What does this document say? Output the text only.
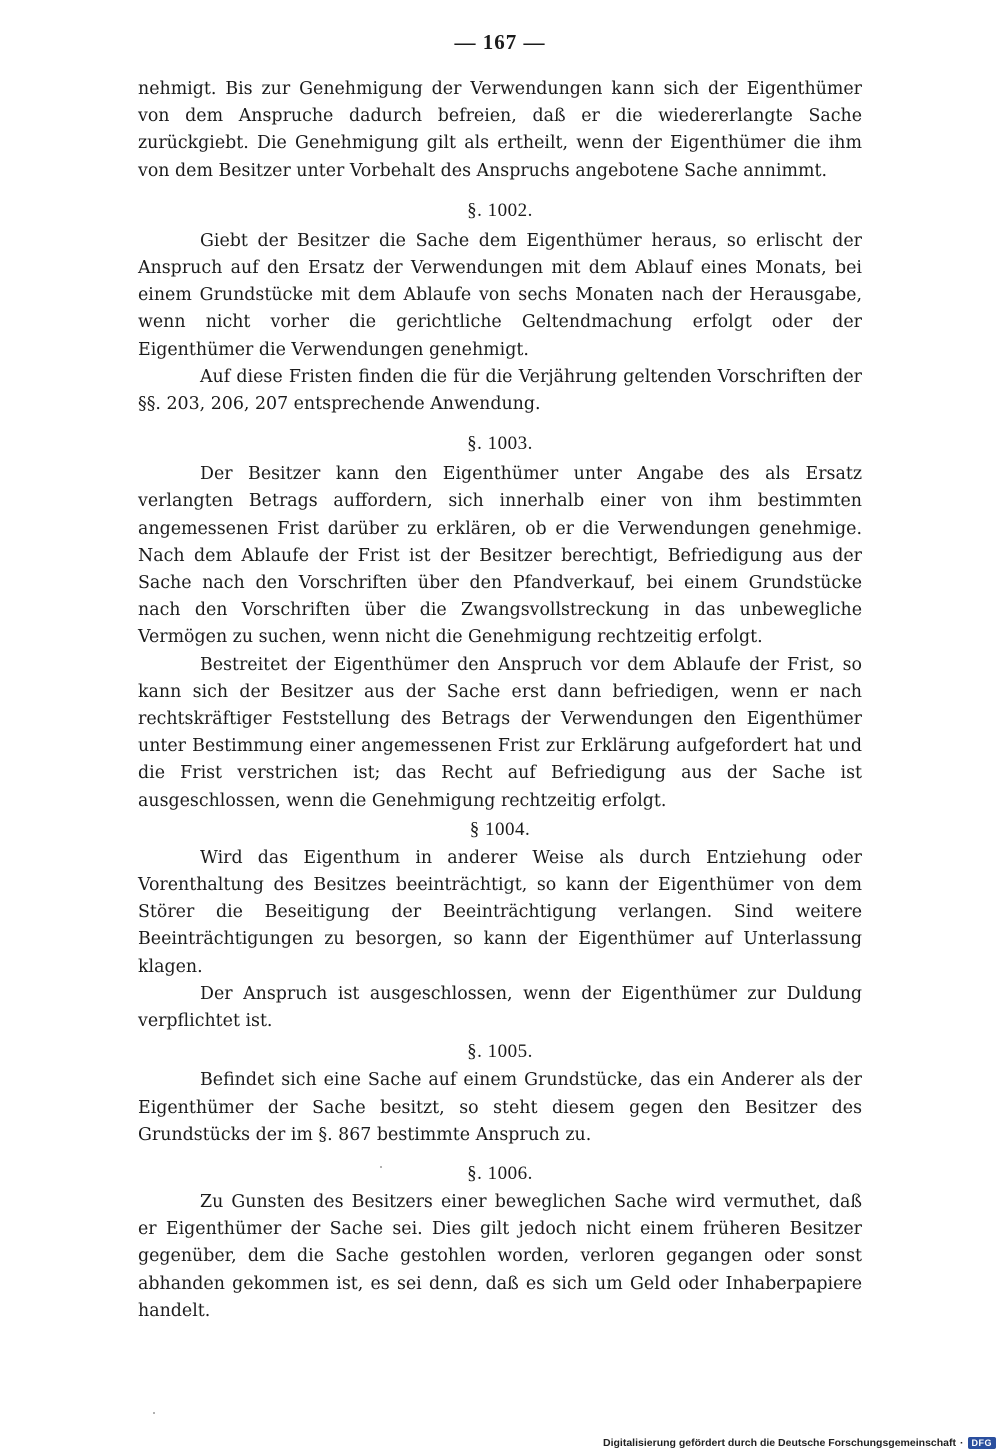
— 167 —

nehmigt. Bis zur Genehmigung der Verwendungen kann sich der Eigenthümer von dem Anspruche dadurch befreien, daß er die wiedererlangte Sache zurückgiebt. Die Genehmigung gilt als ertheilt, wenn der Eigenthümer die ihm von dem Besitzer unter Vorbehalt des Anspruchs angebotene Sache annimmt.

§. 1002.

Giebt der Besitzer die Sache dem Eigenthümer heraus, so erlischt der Anspruch auf den Ersatz der Verwendungen mit dem Ablauf eines Monats, bei einem Grundstücke mit dem Ablaufe von sechs Monaten nach der Herausgabe, wenn nicht vorher die gerichtliche Geltendmachung erfolgt oder der Eigenthümer die Verwendungen genehmigt.

Auf diese Fristen finden die für die Verjährung geltenden Vorschriften der §§. 203, 206, 207 entsprechende Anwendung.

§. 1003.

Der Besitzer kann den Eigenthümer unter Angabe des als Ersatz verlangten Betrags auffordern, sich innerhalb einer von ihm bestimmten angemessenen Frist darüber zu erklären, ob er die Verwendungen genehmige. Nach dem Ablaufe der Frist ist der Besitzer berechtigt, Befriedigung aus der Sache nach den Vorschriften über den Pfandverkauf, bei einem Grundstücke nach den Vorschriften über die Zwangsvollstreckung in das unbewegliche Vermögen zu suchen, wenn nicht die Genehmigung rechtzeitig erfolgt.

Bestreitet der Eigenthümer den Anspruch vor dem Ablaufe der Frist, so kann sich der Besitzer aus der Sache erst dann befriedigen, wenn er nach rechtskräftiger Feststellung des Betrags der Verwendungen den Eigenthümer unter Bestimmung einer angemessenen Frist zur Erklärung aufgefordert hat und die Frist verstrichen ist; das Recht auf Befriedigung aus der Sache ist ausgeschlossen, wenn die Genehmigung rechtzeitig erfolgt.

§ 1004.

Wird das Eigenthum in anderer Weise als durch Entziehung oder Vorenthaltung des Besitzes beeinträchtigt, so kann der Eigenthümer von dem Störer die Beseitigung der Beeinträchtigung verlangen. Sind weitere Beeinträchtigungen zu besorgen, so kann der Eigenthümer auf Unterlassung klagen.

Der Anspruch ist ausgeschlossen, wenn der Eigenthümer zur Duldung verpflichtet ist.

§. 1005.

Befindet sich eine Sache auf einem Grundstücke, das ein Anderer als der Eigenthümer der Sache besitzt, so steht diesem gegen den Besitzer des Grundstücks der im §. 867 bestimmte Anspruch zu.

§. 1006.

Zu Gunsten des Besitzers einer beweglichen Sache wird vermuthet, daß er Eigenthümer der Sache sei. Dies gilt jedoch nicht einem früheren Besitzer gegenüber, dem die Sache gestohlen worden, verloren gegangen oder sonst abhanden gekommen ist, es sei denn, daß es sich um Geld oder Inhaberpapiere handelt.

Digitalisierung gefördert durch die Deutsche Forschungsgemeinschaft · DFG
